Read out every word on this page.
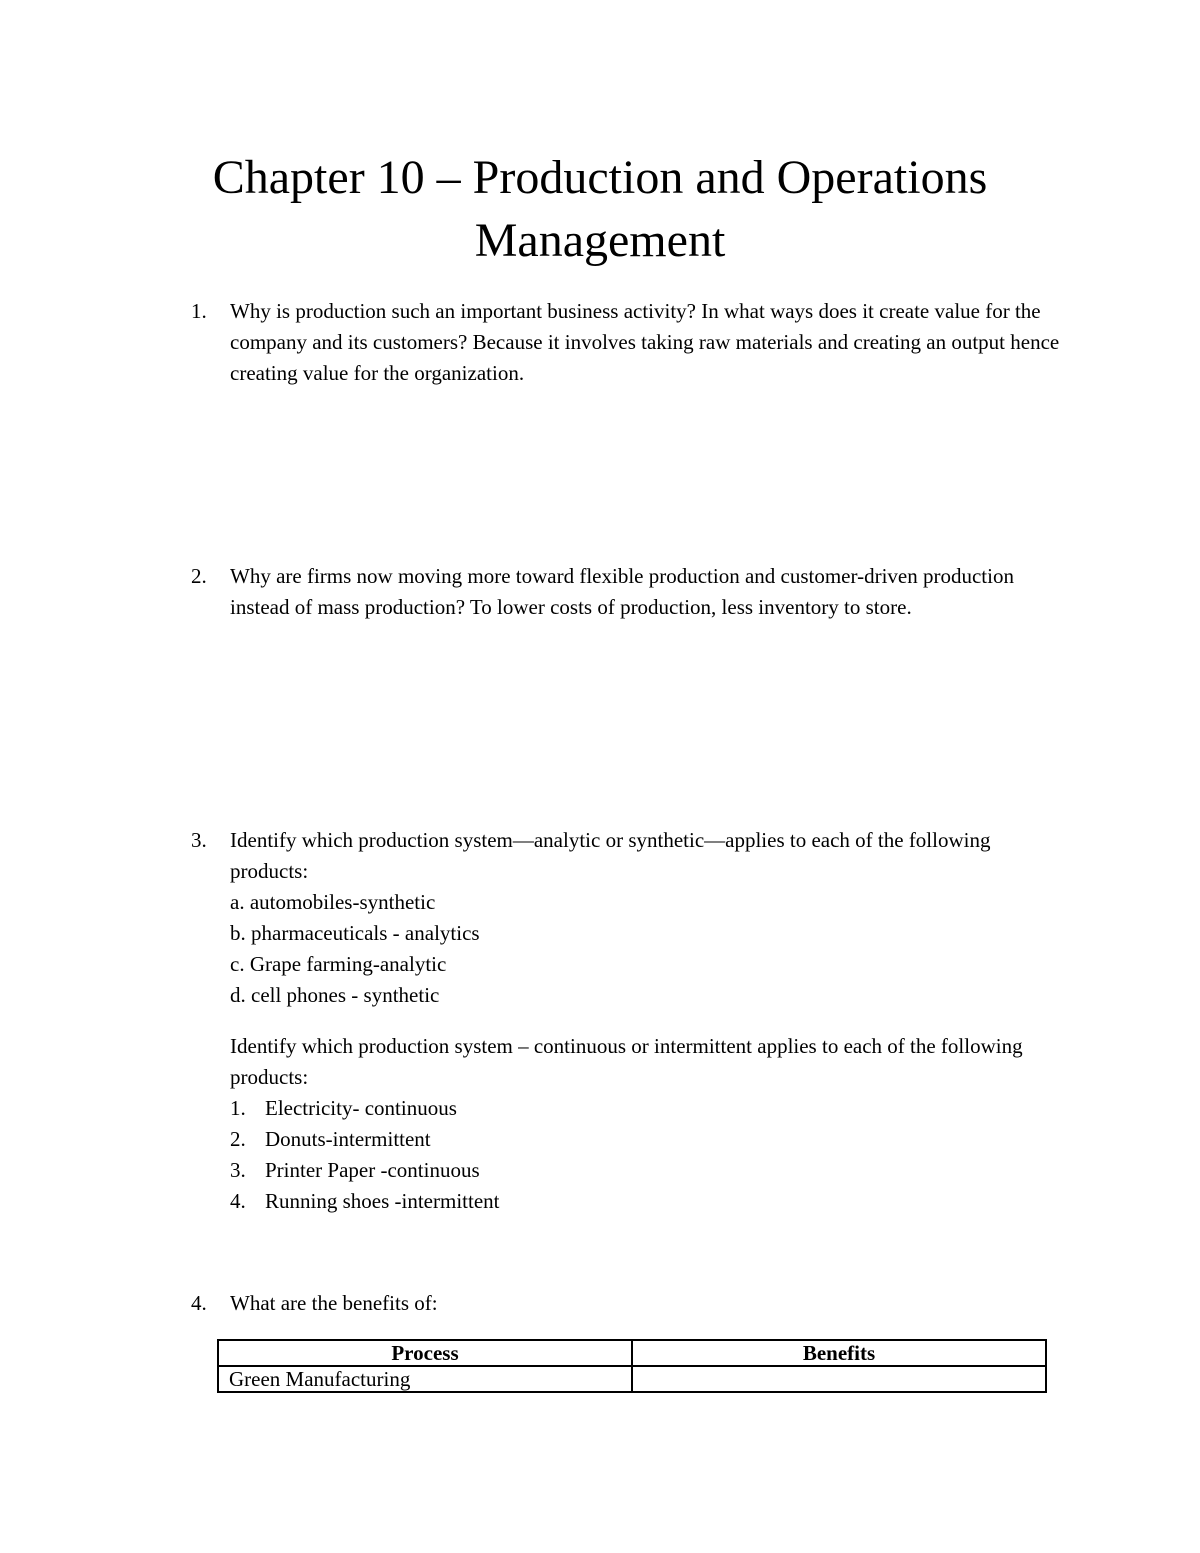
Chapter 10 – Production and Operations Management
1. Why is production such an important business activity? In what ways does it create value for the company and its customers? Because it involves taking raw materials and creating an output hence creating value for the organization.

2. Why are firms now moving more toward flexible production and customer-driven production instead of mass production? To lower costs of production, less inventory to store.

3. Identify which production system—analytic or synthetic—applies to each of the following products:

a. automobiles-synthetic
b. pharmaceuticals - analytics
c. Grape farming-analytic
d. cell phones - synthetic

Identify which production system – continuous or intermittent applies to each of the following products:

1. Electricity- continuous
2. Donuts-intermittent
3. Printer Paper -continuous
4. Running shoes -intermittent
4. What are the benefits of:

Process	Benefits
Green Manufacturing	
